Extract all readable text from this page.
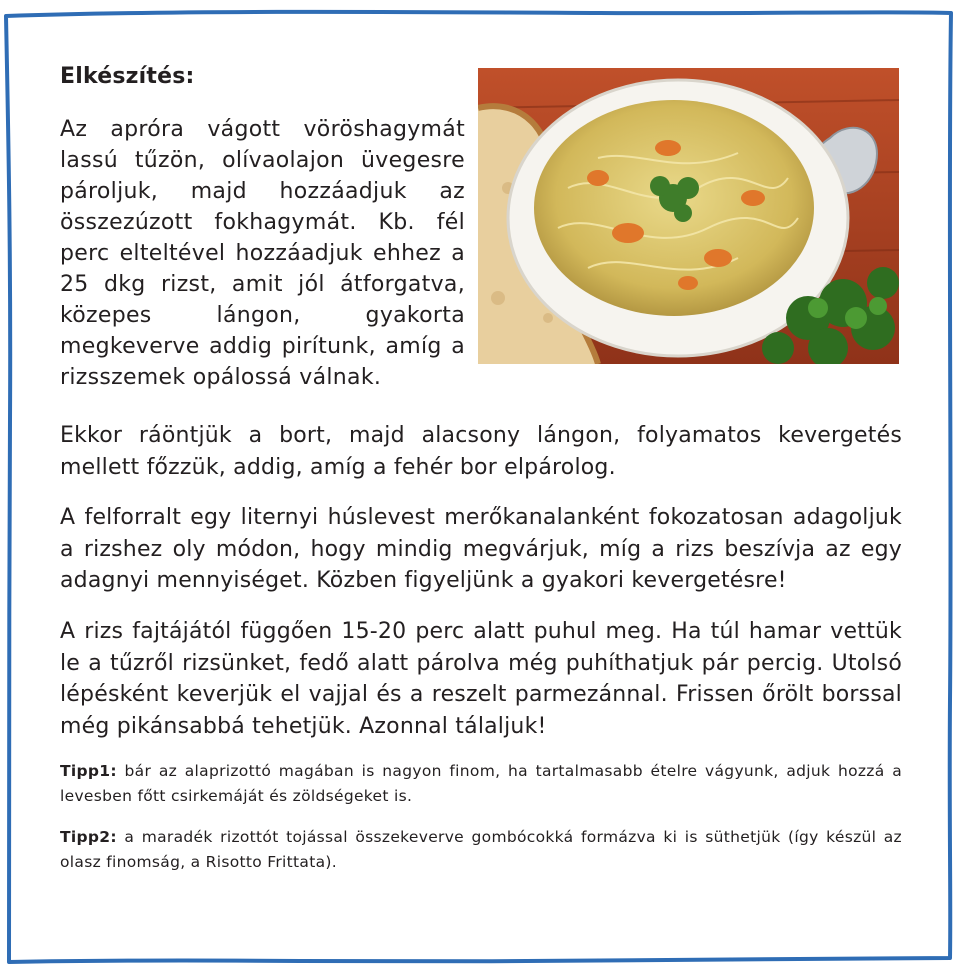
Elkészítés:
Az apróra vágott vöröshagymát lassú tűzön, olívaolajon üvegesre pároljuk, majd hozzáadjuk az összezúzott fokhagymát. Kb. fél perc elteltével hozzáadjuk ehhez a 25 dkg rizst, amit jól átforgatva, közepes lángon, gyakorta megkeverve addig pirítunk, amíg a rizsszemek opálossá válnak.
Ekkor ráöntjük a bort, majd alacsony lángon, folyamatos kevergetés mellett főzzük, addig, amíg a fehér bor elpárolog.
A felforralt egy liternyi húslevest merőkanalanként fokozatosan adagoljuk a rizshez oly módon, hogy mindig megvárjuk, míg a rizs beszívja az egy adagnyi mennyiséget. Közben figyeljünk a gyakori kevergetésre!
A rizs fajtájától függően 15-20 perc alatt puhul meg. Ha túl hamar vettük le a tűzről rizsünket, fedő alatt párolva még puhíthatjuk pár percig. Utolsó lépésként keverjük el vajjal és a reszelt parmezánnal. Frissen őrölt borssal még pikánsabbá tehetjük. Azonnal tálaljuk!
Tipp1: bár az alaprizottó magában is nagyon finom, ha tartalmasabb ételre vágyunk, adjuk hozzá a levesben főtt csirkemáját és zöldségeket is.
Tipp2: a maradék rizottót tojással összekeverve gombócokká formázva ki is süthetjük (így készül az olasz finomság, a Risotto Frittata).
